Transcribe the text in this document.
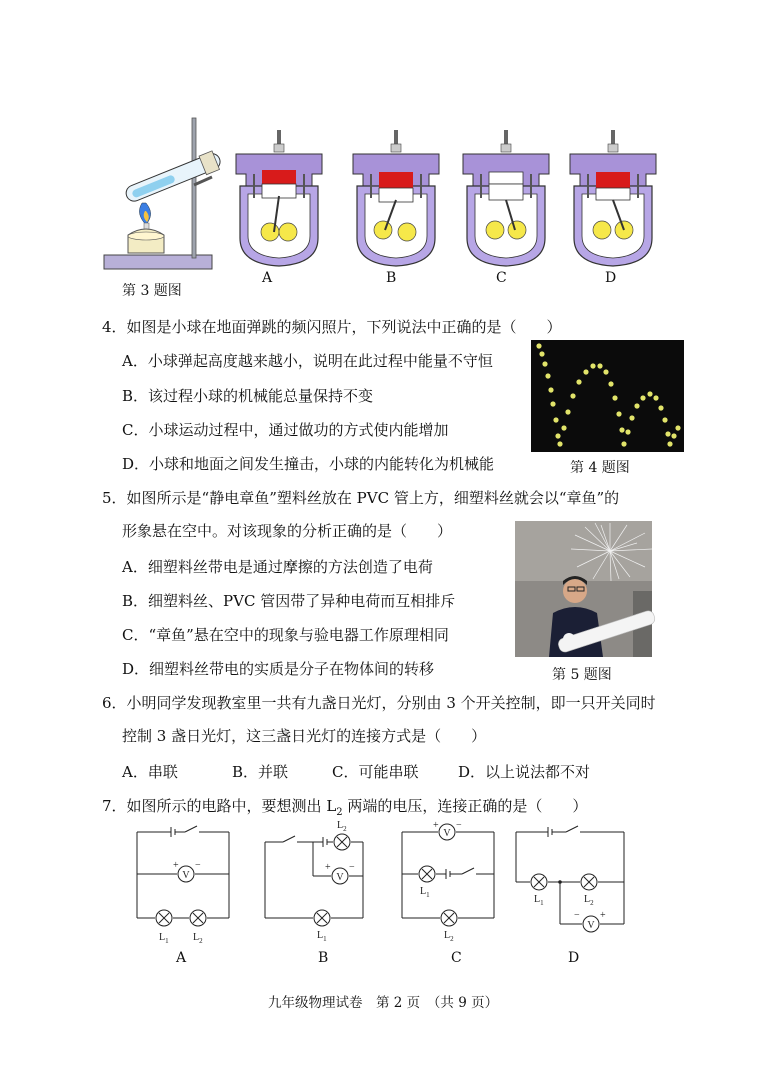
第 3 题图
A	B	C	D
4．如图是小球在地面弹跳的频闪照片，下列说法中正确的是（　　）
A．小球弹起高度越来越小，说明在此过程中能量不守恒
B．该过程小球的机械能总量保持不变
C．小球运动过程中，通过做功的方式使内能增加
D．小球和地面之间发生撞击，小球的内能转化为机械能	第 4 题图
5．如图所示是“静电章鱼”塑料丝放在 PVC 管上方，细塑料丝就会以“章鱼”的
形象悬在空中。对该现象的分析正确的是（　　）
A．细塑料丝带电是通过摩擦的方法创造了电荷
B．细塑料丝、PVC 管因带了异种电荷而互相排斥
C．“章鱼”悬在空中的现象与验电器工作原理相同
D．细塑料丝带电的实质是分子在物体间的转移	第 5 题图
6．小明同学发现教室里一共有九盏日光灯，分别由 3 个开关控制，即一只开关同时
控制 3 盏日光灯，这三盏日光灯的连接方式是（　　）
A．串联	B．并联	C．可能串联	D．以上说法都不对
7．如图所示的电路中，要想测出 $L_2$ 两端的电压，连接正确的是（　　）
V
+ −
$L_1$ $L_2$
A
V
+ −
$L_2$
$L_1$
B
V
+ −
$L_1$
$L_2$
C
V
− +
$L_1$	$L_2$
D
九年级物理试卷　第 2 页　（共 9 页）
